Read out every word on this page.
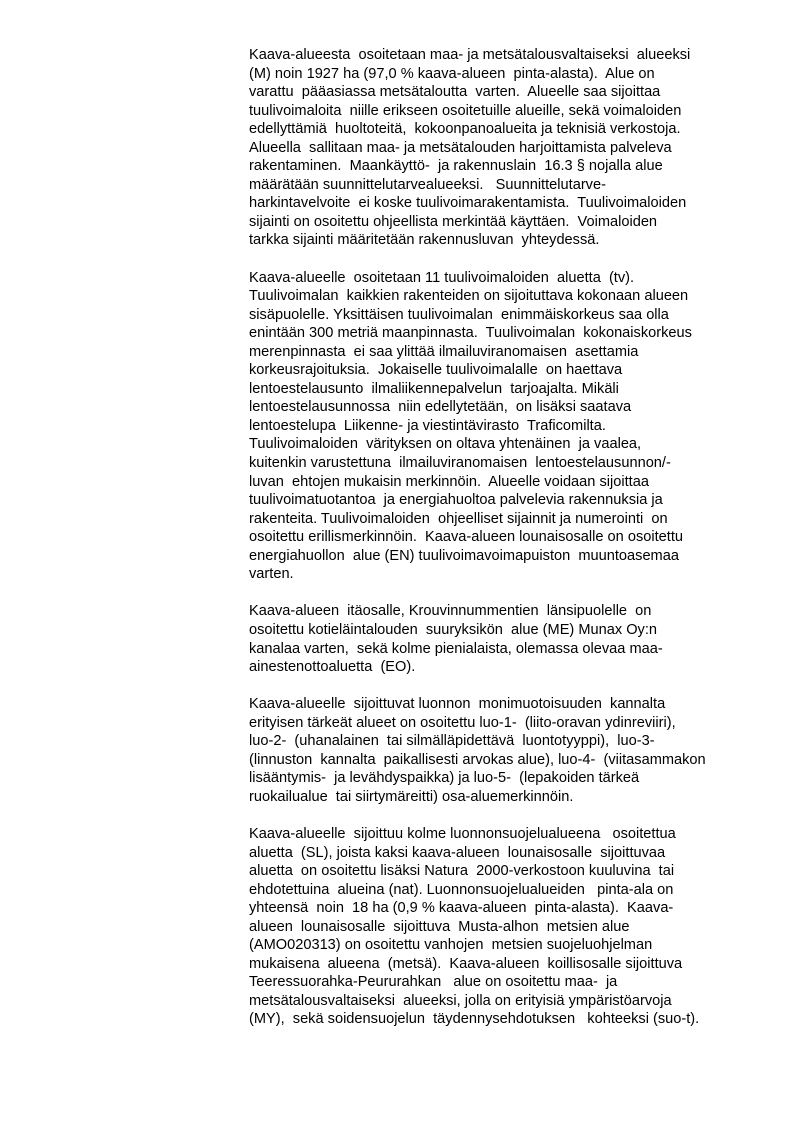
Kaava-alueesta  osoitetaan maa- ja metsätalousvaltaiseksi  alueeksi
(M) noin 1927 ha (97,0 % kaava-alueen  pinta-alasta).  Alue on
varattu  pääasiassa metsätaloutta  varten.  Alueelle saa sijoittaa
tuulivoimaloita  niille erikseen osoitetuille alueille, sekä voimaloiden
edellyttämiä  huoltoteitä,  kokoonpanoalueita ja teknisiä verkostoja.
Alueella  sallitaan maa- ja metsätalouden harjoittamista palveleva
rakentaminen.  Maankäyttö-  ja rakennuslain  16.3 § nojalla alue
määrätään suunnittelutarvealueeksi.   Suunnittelutarve-
harkintavelvoite  ei koske tuulivoimarakentamista.  Tuulivoimaloiden
sijainti on osoitettu ohjeellista merkintää käyttäen.  Voimaloiden
tarkka sijainti määritetään rakennusluvan  yhteydessä.
Kaava-alueelle  osoitetaan 11 tuulivoimaloiden  aluetta  (tv).
Tuulivoimalan  kaikkien rakenteiden on sijoituttava kokonaan alueen
sisäpuolelle. Yksittäisen tuulivoimalan  enimmäiskorkeus saa olla
enintään 300 metriä maanpinnasta.  Tuulivoimalan  kokonaiskorkeus
merenpinnasta  ei saa ylittää ilmailuviranomaisen  asettamia
korkeusrajoituksia.  Jokaiselle tuulivoimalalle  on haettava
lentoestelausunto  ilmaliikennepalvelun  tarjoajalta. Mikäli
lentoestelausunnossa  niin edellytetään,  on lisäksi saatava
lentoestelupa  Liikenne- ja viestintävirasto  Traficomilta.
Tuulivoimaloiden  värityksen on oltava yhtenäinen  ja vaalea,
kuitenkin varustettuna  ilmailuviranomaisen  lentoestelausunnon/-
luvan  ehtojen mukaisin merkinnöin.  Alueelle voidaan sijoittaa
tuulivoimatuotantoa  ja energiahuoltoa palvelevia rakennuksia ja
rakenteita. Tuulivoimaloiden  ohjeelliset sijainnit ja numerointi  on
osoitettu erillismerkinnöin.  Kaava-alueen lounaisosalle on osoitettu
energiahuollon  alue (EN) tuulivoimavoimapuiston  muuntoasemaa
varten.
Kaava-alueen  itäosalle, Krouvinnummentien  länsipuolelle  on
osoitettu kotieläintalouden  suuryksikön  alue (ME) Munax Oy:n
kanalaa varten,  sekä kolme pienialaista, olemassa olevaa maa-
ainestenottoaluetta  (EO).
Kaava-alueelle  sijoittuvat luonnon  monimuotoisuuden  kannalta
erityisen tärkeät alueet on osoitettu luo-1-  (liito-oravan ydinreviiri),
luo-2-  (uhanalainen  tai silmälläpidettävä  luontotyyppi),  luo-3-
(linnuston  kannalta  paikallisesti arvokas alue), luo-4-  (viitasammakon
lisääntymis-  ja levähdyspaikka) ja luo-5-  (lepakoiden tärkeä
ruokailualue  tai siirtymäreitti) osa-aluemerkinnöin.
Kaava-alueelle  sijoittuu kolme luonnonsuojelualueena   osoitettua
aluetta  (SL), joista kaksi kaava-alueen  lounaisosalle  sijoittuvaa
aluetta  on osoitettu lisäksi Natura  2000-verkostoon kuuluvina  tai
ehdotettuina  alueina (nat). Luonnonsuojelualueiden   pinta-ala on
yhteensä  noin  18 ha (0,9 % kaava-alueen  pinta-alasta).  Kaava-
alueen  lounaisosalle  sijoittuva  Musta-alhon  metsien alue
(AMO020313) on osoitettu vanhojen  metsien suojeluohjelman
mukaisena  alueena  (metsä).  Kaava-alueen  koillisosalle sijoittuva
Teeressuorahka-Peururahkan   alue on osoitettu maa-  ja
metsätalousvaltaiseksi  alueeksi, jolla on erityisiä ympäristöarvoja
(MY),  sekä soidensuojelun  täydennysehdotuksen   kohteeksi (suo-t).
